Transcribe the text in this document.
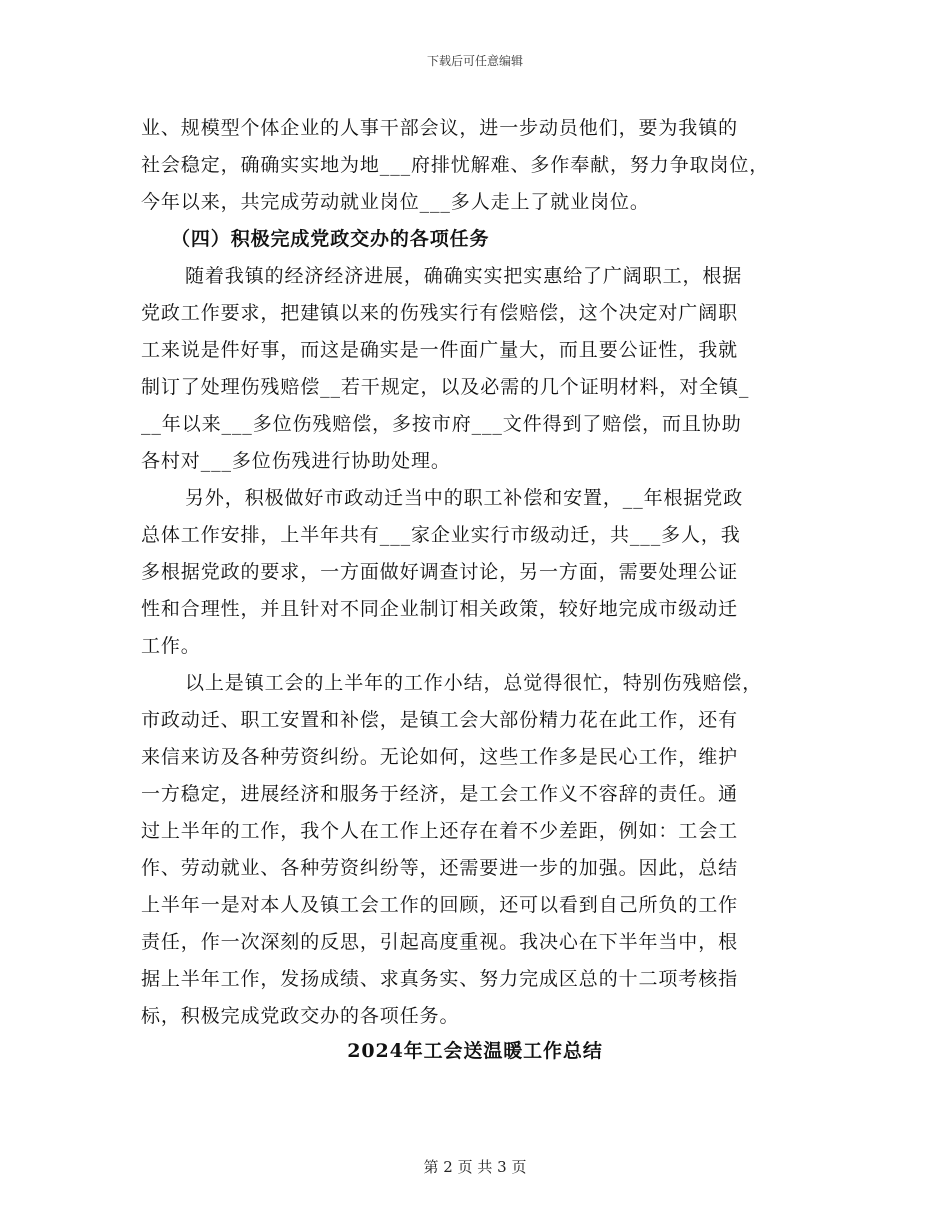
下载后可任意编辑
业、规模型个体企业的人事干部会议，进一步动员他们，要为我镇的
社会稳定，确确实实地为地___府排忧解难、多作奉献，努力争取岗位，
今年以来，共完成劳动就业岗位___多人走上了就业岗位。
（四）积极完成党政交办的各项任务
随着我镇的经济经济进展，确确实实把实惠给了广阔职工，根据
党政工作要求，把建镇以来的伤残实行有偿赔偿，这个决定对广阔职
工来说是件好事，而这是确实是一件面广量大，而且要公证性，我就
制订了处理伤残赔偿__若干规定，以及必需的几个证明材料，对全镇_
__年以来___多位伤残赔偿，多按市府___文件得到了赔偿，而且协助
各村对___多位伤残进行协助处理。
另外，积极做好市政动迁当中的职工补偿和安置，__年根据党政
总体工作安排，上半年共有___家企业实行市级动迁，共___多人，我
多根据党政的要求，一方面做好调查讨论，另一方面，需要处理公证
性和合理性，并且针对不同企业制订相关政策，较好地完成市级动迁
工作。
以上是镇工会的上半年的工作小结，总觉得很忙，特别伤残赔偿，
市政动迁、职工安置和补偿，是镇工会大部份精力花在此工作，还有
来信来访及各种劳资纠纷。无论如何，这些工作多是民心工作，维护
一方稳定，进展经济和服务于经济，是工会工作义不容辞的责任。通
过上半年的工作，我个人在工作上还存在着不少差距，例如：工会工
作、劳动就业、各种劳资纠纷等，还需要进一步的加强。因此，总结
上半年一是对本人及镇工会工作的回顾，还可以看到自己所负的工作
责任，作一次深刻的反思，引起高度重视。我决心在下半年当中，根
据上半年工作，发扬成绩、求真务实、努力完成区总的十二项考核指
标，积极完成党政交办的各项任务。
2024年工会送温暖工作总结
第 2 页 共 3 页
